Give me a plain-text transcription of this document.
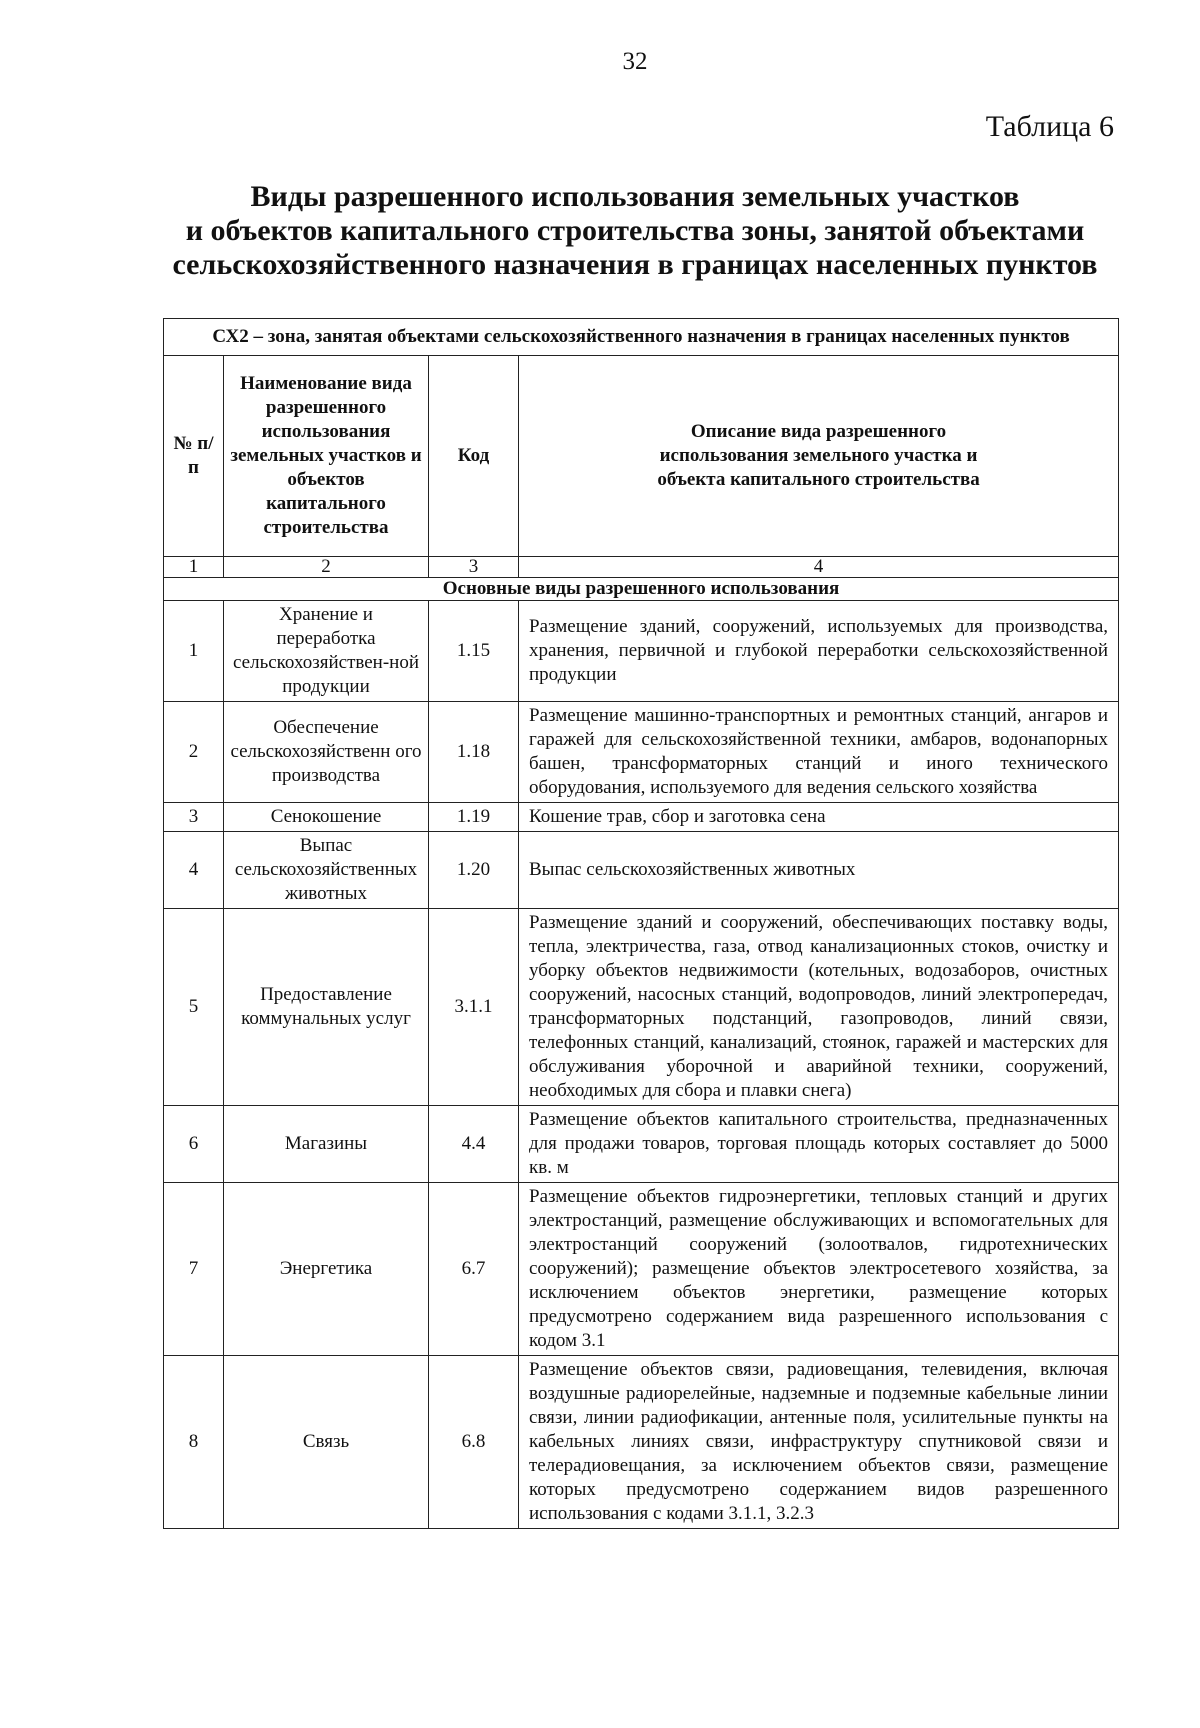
32
Таблица 6
Виды разрешенного использования земельных участков
и объектов капитального строительства зоны, занятой объектами
сельскохозяйственного назначения в границах населенных пунктов
СХ2 – зона, занятая объектами сельскохозяйственного назначения в границах населенных пунктов			
№ п/п	Наименование вида разрешенного использования земельных участков и объектов капитального строительства	Код	Описание вида разрешенного использования земельного участка и объекта капитального строительства
1	2	3	4
Основные виды разрешенного использования			
1	Хранение и переработка сельскохозяйствен-ной продукции	1.15	Размещение зданий, сооружений, используемых для производства, хранения, первичной и глубокой переработки сельскохозяйственной продукции
2	Обеспечение сельскохозяйственн ого производства	1.18	Размещение машинно-транспортных и ремонтных станций, ангаров и гаражей для сельскохозяйственной техники, амбаров, водонапорных башен, трансформаторных станций и иного технического оборудования, используемого для ведения сельского хозяйства
3	Сенокошение	1.19	Кошение трав, сбор и заготовка сена
4	Выпас сельскохозяйственных животных	1.20	Выпас сельскохозяйственных животных
5	Предоставление коммунальных услуг	3.1.1	Размещение зданий и сооружений, обеспечивающих поставку воды, тепла, электричества, газа, отвод канализационных стоков, очистку и уборку объектов недвижимости (котельных, водозаборов, очистных сооружений, насосных станций, водопроводов, линий электропередач, трансформаторных подстанций, газопроводов, линий связи, телефонных станций, канализаций, стоянок, гаражей и мастерских для обслуживания уборочной и аварийной техники, сооружений, необходимых для сбора и плавки снега)
6	Магазины	4.4	Размещение объектов капитального строительства, предназначенных для продажи товаров, торговая площадь которых составляет до 5000 кв. м
7	Энергетика	6.7	Размещение объектов гидроэнергетики, тепловых станций и других электростанций, размещение обслуживающих и вспомогательных для электростанций сооружений (золоотвалов, гидротехнических сооружений); размещение объектов электросетевого хозяйства, за исключением объектов энергетики, размещение которых предусмотрено содержанием вида разрешенного использования с кодом 3.1
8	Связь	6.8	Размещение объектов связи, радиовещания, телевидения, включая воздушные радиорелейные, надземные и подземные кабельные линии связи, линии радиофикации, антенные поля, усилительные пункты на кабельных линиях связи, инфраструктуру спутниковой связи и телерадиовещания, за исключением объектов связи, размещение которых предусмотрено содержанием видов разрешенного использования с кодами 3.1.1, 3.2.3
